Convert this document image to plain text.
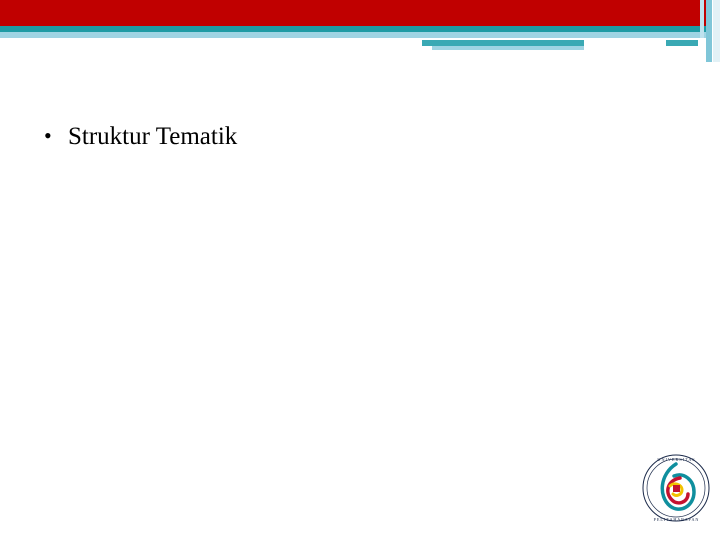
• Struktur Tematik
U N I V E R S I T A S
P E L I T A H A R A P A N
